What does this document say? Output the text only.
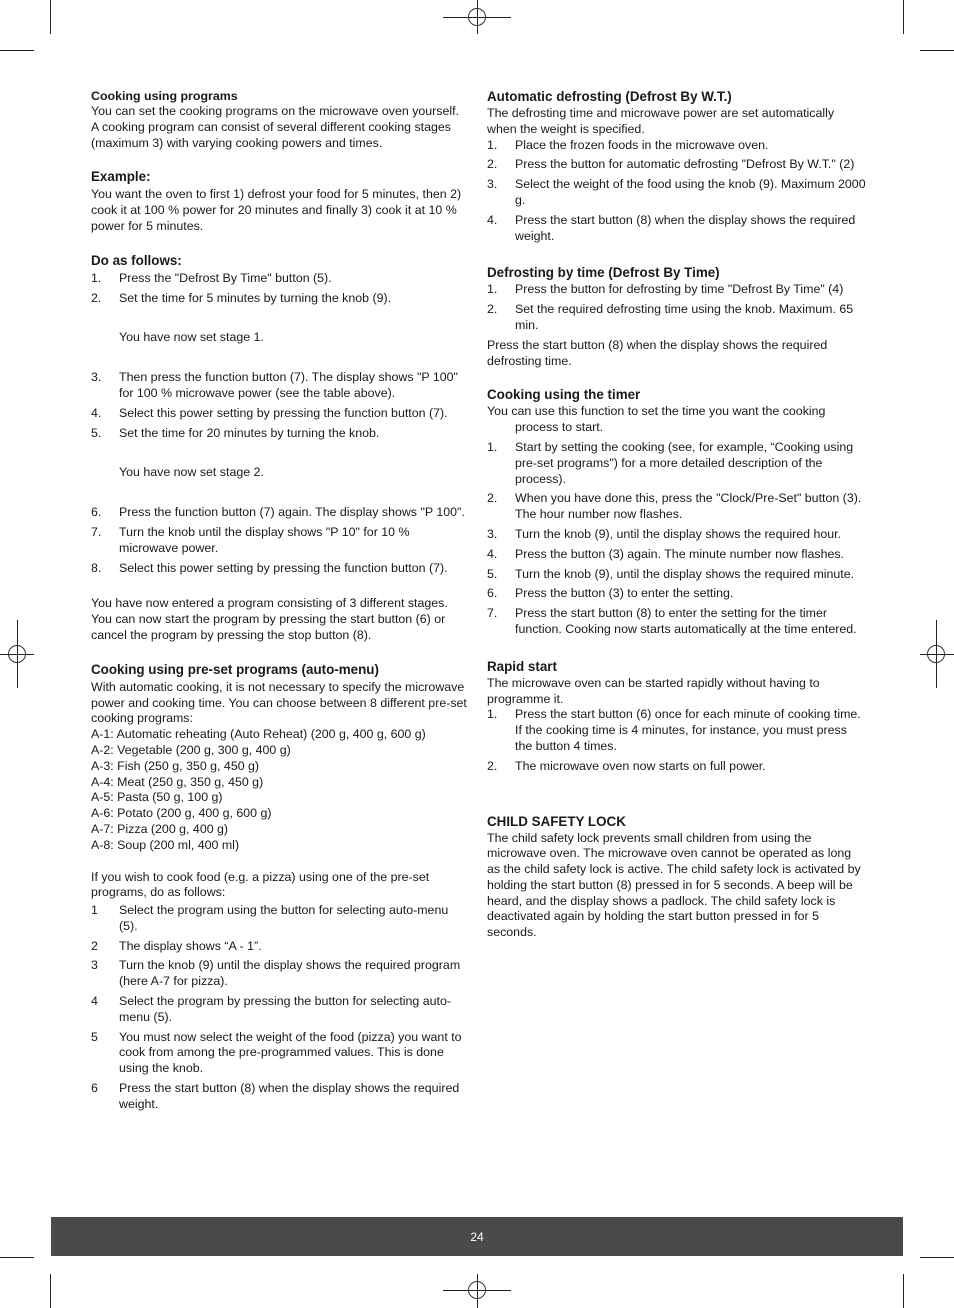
Cooking using programs

You can set the cooking programs on the microwave oven yourself. A cooking program can consist of several different cooking stages (maximum 3) with varying cooking powers and times.

Example:

You want the oven to first 1) defrost your food for 5 minutes, then 2) cook it at 100 % power for 20 minutes and finally 3) cook it at 10 % power for 5 minutes.

Do as follows:
1.	Press the "Defrost By Time" button (5).
2.	Set the time for 5 minutes by turning the knob (9).

You have now set stage 1.

3.	Then press the function button (7). The display shows "P 100" for 100 % microwave power (see the table above).
4.	Select this power setting by pressing the function button (7).
5.	Set the time for 20 minutes by turning the knob.

You have now set stage 2.

6.	Press the function button (7) again. The display shows "P 100".
7.	Turn the knob until the display shows "P 10" for 10 % microwave power.
8.	Select this power setting by pressing the function button (7).

You have now entered a program consisting of 3 different stages. You can now start the program by pressing the start button (6) or cancel the program by pressing the stop button (8).

Cooking using pre-set programs (auto-menu)

With automatic cooking, it is not necessary to specify the microwave power and cooking time. You can choose between 8 different pre-set cooking programs:

A-1: Automatic reheating (Auto Reheat) (200 g, 400 g, 600 g)

A-2: Vegetable (200 g, 300 g, 400 g)

A-3: Fish (250 g, 350 g, 450 g)

A-4: Meat (250 g, 350 g, 450 g)

A-5: Pasta (50 g, 100 g)

A-6: Potato (200 g, 400 g, 600 g)

A-7: Pizza (200 g, 400 g)

A-8: Soup (200 ml, 400 ml)

If you wish to cook food (e.g. a pizza) using one of the pre-set programs, do as follows:

1	Select the program using the button for selecting auto-menu (5).
2	The display shows “A - 1”.
3	Turn the knob (9) until the display shows the required program (here A-7 for pizza).
4	Select the program by pressing the button for selecting auto-menu (5).
5	You must now select the weight of the food (pizza) you want to cook from among the pre-programmed values. This is done using the knob.
6	Press the start button (8) when the display shows the required weight.
Automatic defrosting (Defrost By W.T.)

The defrosting time and microwave power are set automatically when the weight is specified.

1.	Place the frozen foods in the microwave oven.
2.	Press the button for automatic defrosting "Defrost By W.T." (2)
3.	Select the weight of the food using the knob (9). Maximum 2000 g.
4.	Press the start button (8) when the display shows the required weight.
Defrosting by time (Defrost By Time)
1.	Press the button for defrosting by time "Defrost By Time" (4)
2.	Set the required defrosting time using the knob. Maximum. 65 min.

Press the start button (8) when the display shows the required defrosting time.

Cooking using the timer

You can use this function to set the time you want the cooking process to start.

1.	Start by setting the cooking (see, for example, “Cooking using pre-set programs") for a more detailed description of the process).
2.	When you have done this, press the "Clock/Pre-Set" button (3). The hour number now flashes.
3.	Turn the knob (9), until the display shows the required hour.
4.	Press the button (3) again. The minute number now flashes.
5.	Turn the knob (9), until the display shows the required minute.
6.	Press the button (3) to enter the setting.
7.	Press the start button (8) to enter the setting for the timer function. Cooking now starts automatically at the time entered.
Rapid start

The microwave oven can be started rapidly without having to programme it.

1.	Press the start button (6) once for each minute of cooking time. If the cooking time is 4 minutes, for instance, you must press the button 4 times.
2.	The microwave oven now starts on full power.
CHILD SAFETY LOCK

The child safety lock prevents small children from using the microwave oven. The microwave oven cannot be operated as long as the child safety lock is active. The child safety lock is activated by holding the start button (8) pressed in for 5 seconds. A beep will be heard, and the display shows a padlock. The child safety lock is deactivated again by holding the start button pressed in for 5 seconds.

24
